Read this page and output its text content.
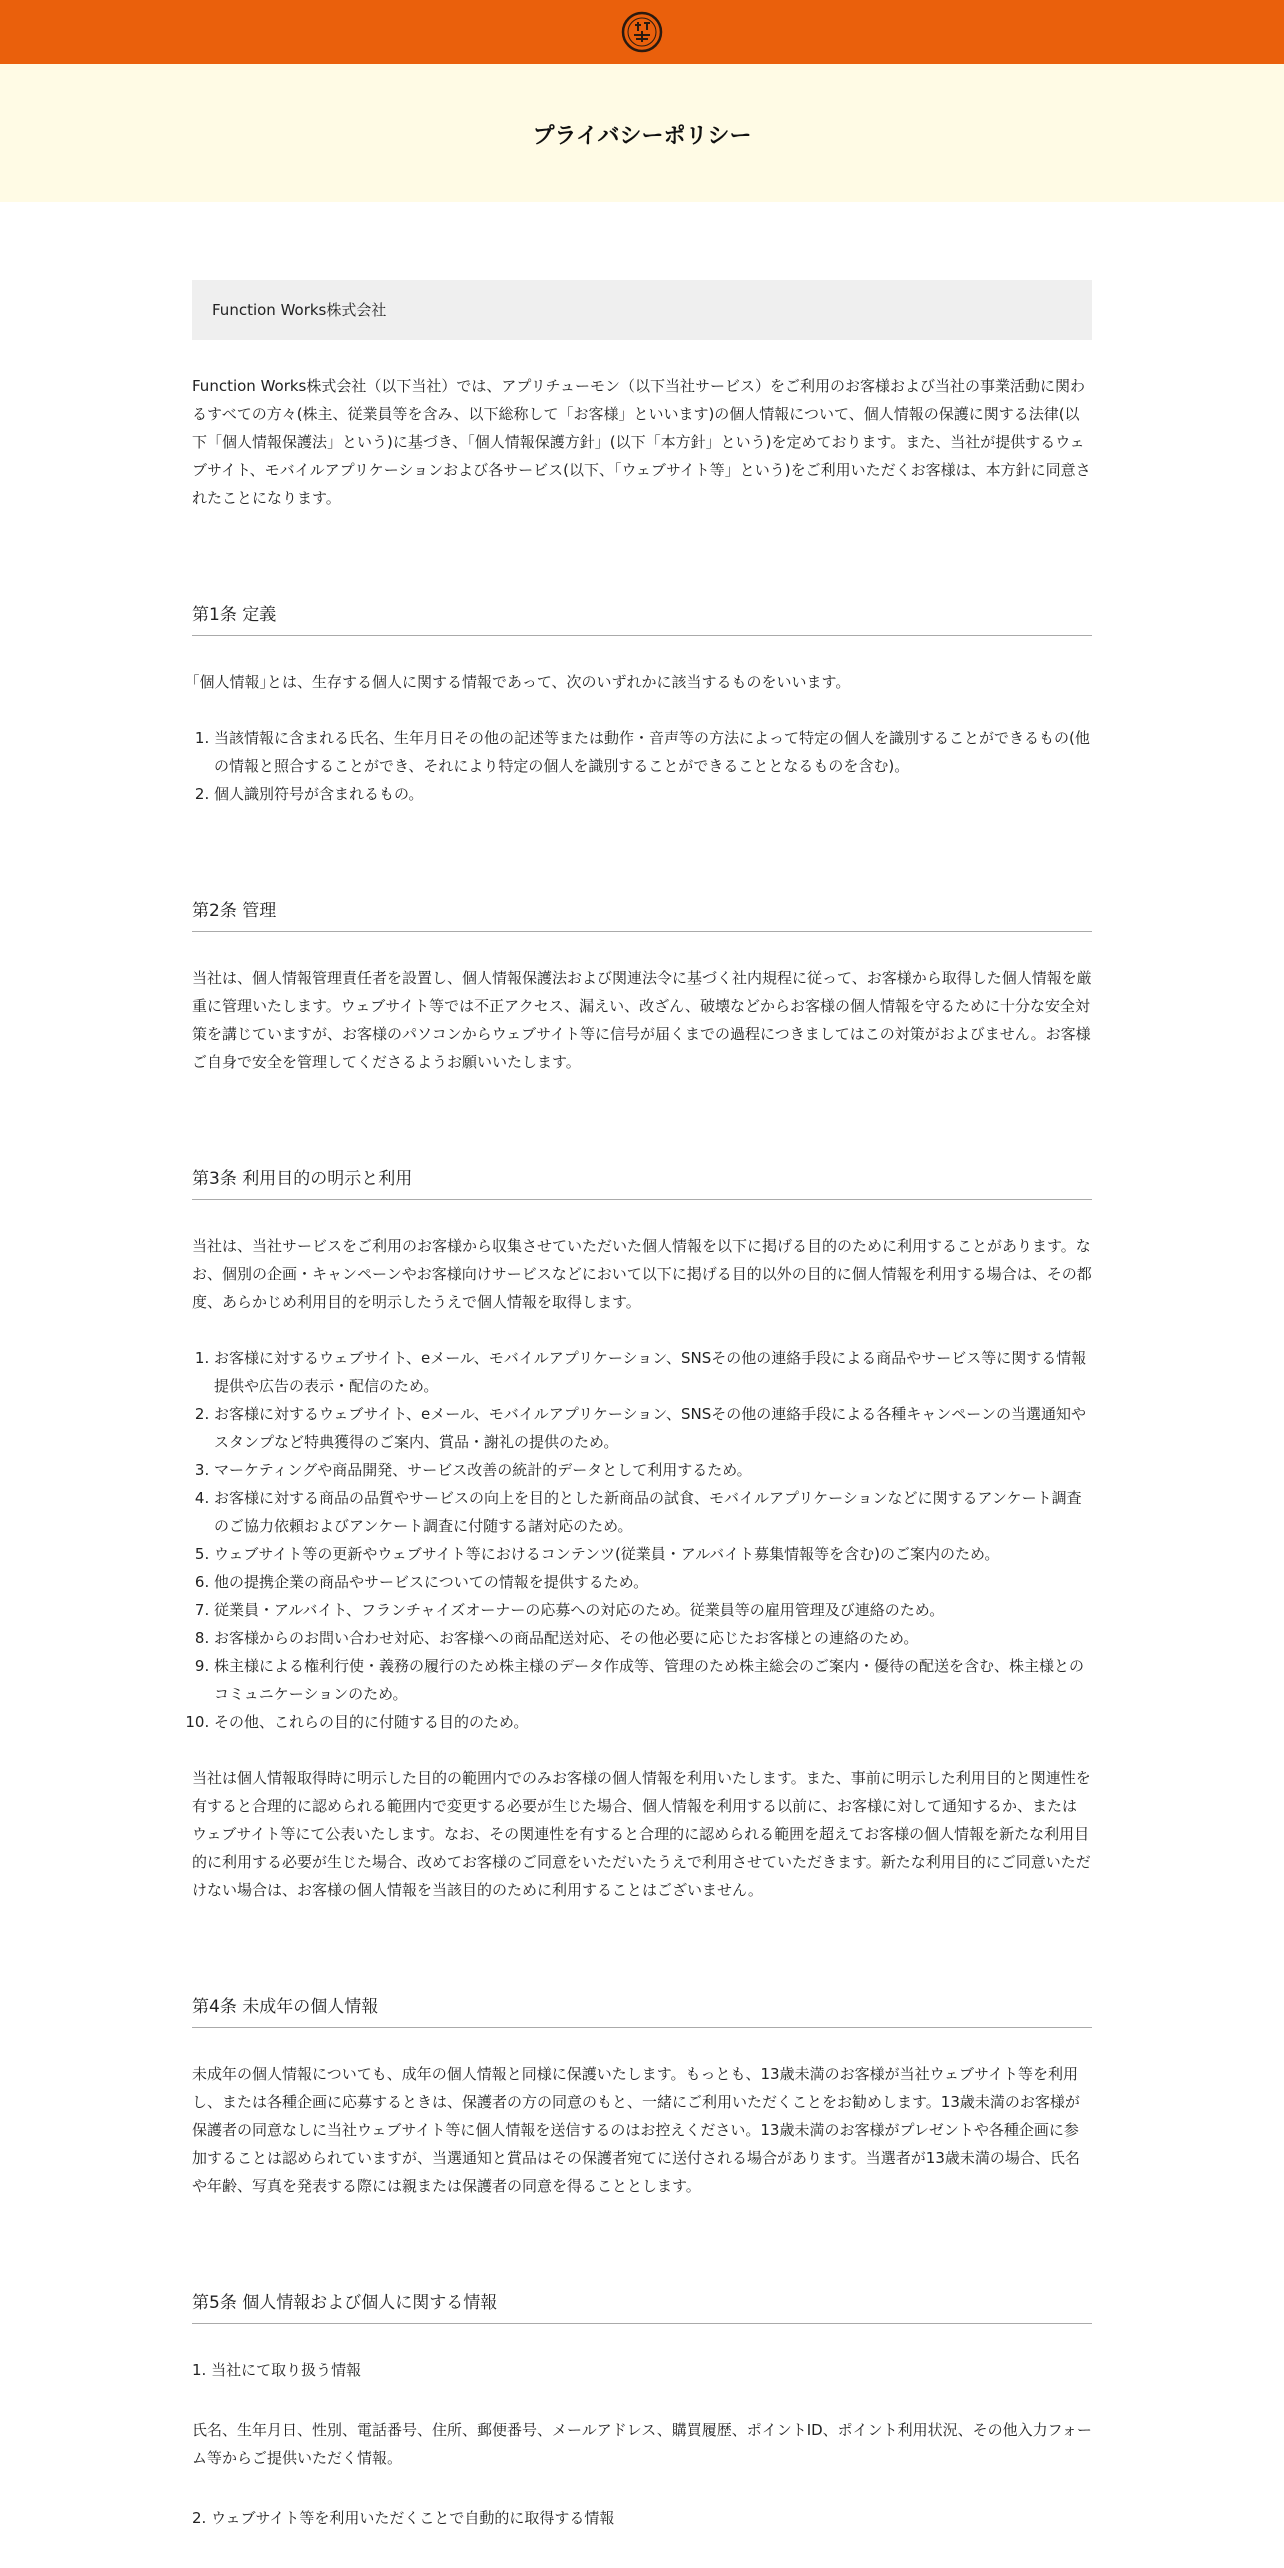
プライバシーポリシー
Function Works株式会社

Function Works株式会社（以下当社）では、アプリチューモン（以下当社サービス）をご利用のお客様および当社の事業活動に関わるすべての方々(株主、従業員等を含み、以下総称して「お客様」といいます)の個人情報について、個人情報の保護に関する法律(以下「個人情報保護法」という)に基づき、「個人情報保護方針」(以下「本方針」という)を定めております。また、当社が提供するウェブサイト、モバイルアプリケーションおよび各サービス(以下、「ウェブサイト等」という)をご利用いただくお客様は、本方針に同意されたことになります。

第1条 定義

｢個人情報｣とは、生存する個人に関する情報であって、次のいずれかに該当するものをいいます。

1. 当該情報に含まれる氏名、生年月日その他の記述等または動作・音声等の方法によって特定の個人を識別することができるもの(他の情報と照合することができ、それにより特定の個人を識別することができることとなるものを含む)。
2. 個人識別符号が含まれるもの。
第2条 管理

当社は、個人情報管理責任者を設置し、個人情報保護法および関連法令に基づく社内規程に従って、お客様から取得した個人情報を厳重に管理いたします。ウェブサイト等では不正アクセス、漏えい、改ざん、破壊などからお客様の個人情報を守るために十分な安全対策を講じていますが、お客様のパソコンからウェブサイト等に信号が届くまでの過程につきましてはこの対策がおよびません。お客様ご自身で安全を管理してくださるようお願いいたします。

第3条 利用目的の明示と利用

当社は、当社サービスをご利用のお客様から収集させていただいた個人情報を以下に掲げる目的のために利用することがあります。なお、個別の企画・キャンペーンやお客様向けサービスなどにおいて以下に掲げる目的以外の目的に個人情報を利用する場合は、その都度、あらかじめ利用目的を明示したうえで個人情報を取得します。

1. お客様に対するウェブサイト、eメール、モバイルアプリケーション、SNSその他の連絡手段による商品やサービス等に関する情報提供や広告の表示・配信のため。
2. お客様に対するウェブサイト、eメール、モバイルアプリケーション、SNSその他の連絡手段による各種キャンペーンの当選通知やスタンプなど特典獲得のご案内、賞品・謝礼の提供のため。
3. マーケティングや商品開発、サービス改善の統計的データとして利用するため。
4. お客様に対する商品の品質やサービスの向上を目的とした新商品の試食、モバイルアプリケーションなどに関するアンケート調査のご協力依頼およびアンケート調査に付随する諸対応のため。
5. ウェブサイト等の更新やウェブサイト等におけるコンテンツ(従業員・アルバイト募集情報等を含む)のご案内のため。
6. 他の提携企業の商品やサービスについての情報を提供するため。
7. 従業員・アルバイト、フランチャイズオーナーの応募への対応のため。従業員等の雇用管理及び連絡のため。
8. お客様からのお問い合わせ対応、お客様への商品配送対応、その他必要に応じたお客様との連絡のため。
9. 株主様による権利行使・義務の履行のため株主様のデータ作成等、管理のため株主総会のご案内・優待の配送を含む、株主様とのコミュニケーションのため。
10. その他、これらの目的に付随する目的のため。

当社は個人情報取得時に明示した目的の範囲内でのみお客様の個人情報を利用いたします。また、事前に明示した利用目的と関連性を有すると合理的に認められる範囲内で変更する必要が生じた場合、個人情報を利用する以前に、お客様に対して通知するか、またはウェブサイト等にて公表いたします。なお、その関連性を有すると合理的に認められる範囲を超えてお客様の個人情報を新たな利用目的に利用する必要が生じた場合、改めてお客様のご同意をいただいたうえで利用させていただきます。新たな利用目的にご同意いただけない場合は、お客様の個人情報を当該目的のために利用することはございません。

第4条 未成年の個人情報

未成年の個人情報についても、成年の個人情報と同様に保護いたします。もっとも、13歳未満のお客様が当社ウェブサイト等を利用し、または各種企画に応募するときは、保護者の方の同意のもと、一緒にご利用いただくことをお勧めします。13歳未満のお客様が保護者の同意なしに当社ウェブサイト等に個人情報を送信するのはお控えください。13歳未満のお客様がプレゼントや各種企画に参加することは認められていますが、当選通知と賞品はその保護者宛てに送付される場合があります。当選者が13歳未満の場合、氏名や年齢、写真を発表する際には親または保護者の同意を得ることとします。

第5条 個人情報および個人に関する情報

1. 当社にて取り扱う情報

氏名、生年月日、性別、電話番号、住所、郵便番号、メールアドレス、購買履歴、ポイントID、ポイント利用状況、その他入力フォーム等からご提供いただく情報。

2. ウェブサイト等を利用いただくことで自動的に取得する情報
